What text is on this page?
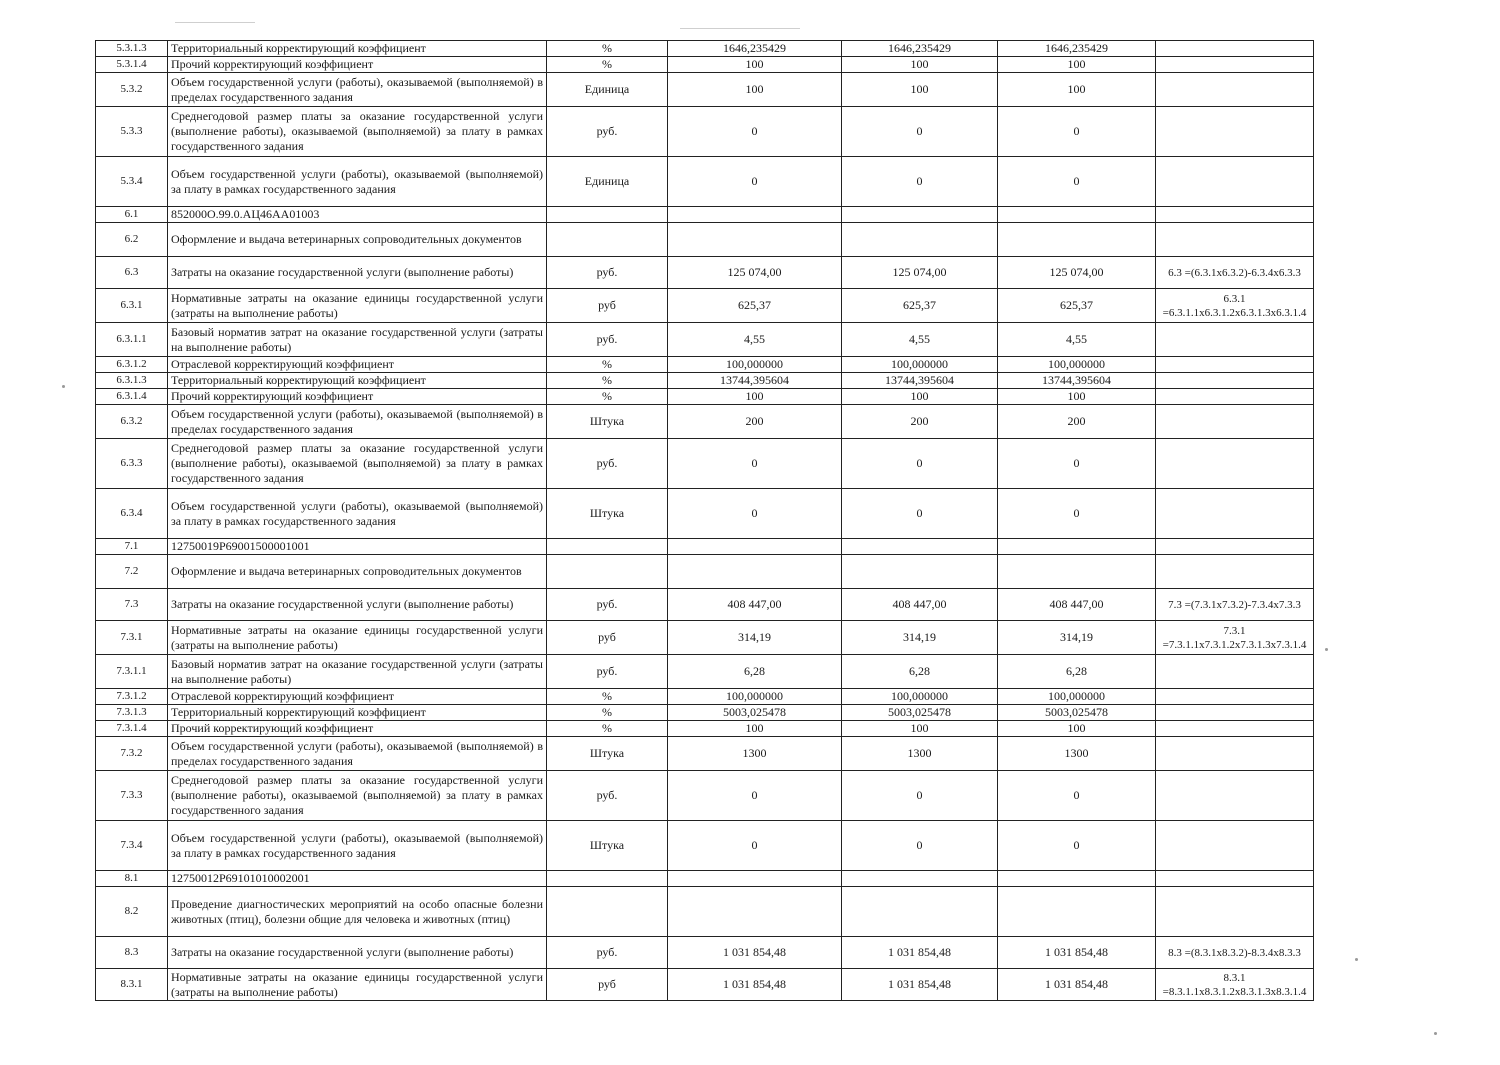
5.3.1.3	Территориальный корректирующий коэффициент	%	1646,235429	1646,235429	1646,235429	
5.3.1.4	Прочий корректирующий коэффициент	%	100	100	100	
5.3.2	Объем государственной услуги (работы), оказываемой (выполняемой) в пределах государственного задания	Единица	100	100	100	
5.3.3	Среднегодовой размер платы за оказание государственной услуги (выполнение работы), оказываемой (выполняемой) за плату в рамках государственного задания	руб.	0	0	0	
5.3.4	Объем государственной услуги (работы), оказываемой (выполняемой) за плату в рамках государственного задания	Единица	0	0	0	
6.1	852000О.99.0.АЦ46АА01003					
6.2	Оформление и выдача ветеринарных сопроводительных документов					
6.3	Затраты на оказание государственной услуги (выполнение работы)	руб.	125 074,00	125 074,00	125 074,00	6.3 =(6.3.1x6.3.2)-6.3.4x6.3.3
6.3.1	Нормативные затраты на оказание единицы государственной услуги (затраты на выполнение работы)	руб	625,37	625,37	625,37	6.3.1 =6.3.1.1x6.3.1.2x6.3.1.3x6.3.1.4
6.3.1.1	Базовый норматив затрат на оказание государственной услуги (затраты на выполнение работы)	руб.	4,55	4,55	4,55	
6.3.1.2	Отраслевой корректирующий коэффициент	%	100,000000	100,000000	100,000000	
6.3.1.3	Территориальный корректирующий коэффициент	%	13744,395604	13744,395604	13744,395604	
6.3.1.4	Прочий корректирующий коэффициент	%	100	100	100	
6.3.2	Объем государственной услуги (работы), оказываемой (выполняемой) в пределах государственного задания	Штука	200	200	200	
6.3.3	Среднегодовой размер платы за оказание государственной услуги (выполнение работы), оказываемой (выполняемой) за плату в рамках государственного задания	руб.	0	0	0	
6.3.4	Объем государственной услуги (работы), оказываемой (выполняемой) за плату в рамках государственного задания	Штука	0	0	0	
7.1	12750019Р69001500001001					
7.2	Оформление и выдача ветеринарных сопроводительных документов					
7.3	Затраты на оказание государственной услуги (выполнение работы)	руб.	408 447,00	408 447,00	408 447,00	7.3 =(7.3.1x7.3.2)-7.3.4x7.3.3
7.3.1	Нормативные затраты на оказание единицы государственной услуги (затраты на выполнение работы)	руб	314,19	314,19	314,19	7.3.1 =7.3.1.1x7.3.1.2x7.3.1.3x7.3.1.4
7.3.1.1	Базовый норматив затрат на оказание государственной услуги (затраты на выполнение работы)	руб.	6,28	6,28	6,28	
7.3.1.2	Отраслевой корректирующий коэффициент	%	100,000000	100,000000	100,000000	
7.3.1.3	Территориальный корректирующий коэффициент	%	5003,025478	5003,025478	5003,025478	
7.3.1.4	Прочий корректирующий коэффициент	%	100	100	100	
7.3.2	Объем государственной услуги (работы), оказываемой (выполняемой) в пределах государственного задания	Штука	1300	1300	1300	
7.3.3	Среднегодовой размер платы за оказание государственной услуги (выполнение работы), оказываемой (выполняемой) за плату в рамках государственного задания	руб.	0	0	0	
7.3.4	Объем государственной услуги (работы), оказываемой (выполняемой) за плату в рамках государственного задания	Штука	0	0	0	
8.1	12750012Р69101010002001					
8.2	Проведение диагностических мероприятий на особо опасные болезни животных (птиц), болезни общие для человека и животных (птиц)					
8.3	Затраты на оказание государственной услуги (выполнение работы)	руб.	1 031 854,48	1 031 854,48	1 031 854,48	8.3 =(8.3.1x8.3.2)-8.3.4x8.3.3
8.3.1	Нормативные затраты на оказание единицы государственной услуги (затраты на выполнение работы)	руб	1 031 854,48	1 031 854,48	1 031 854,48	8.3.1 =8.3.1.1x8.3.1.2x8.3.1.3x8.3.1.4
